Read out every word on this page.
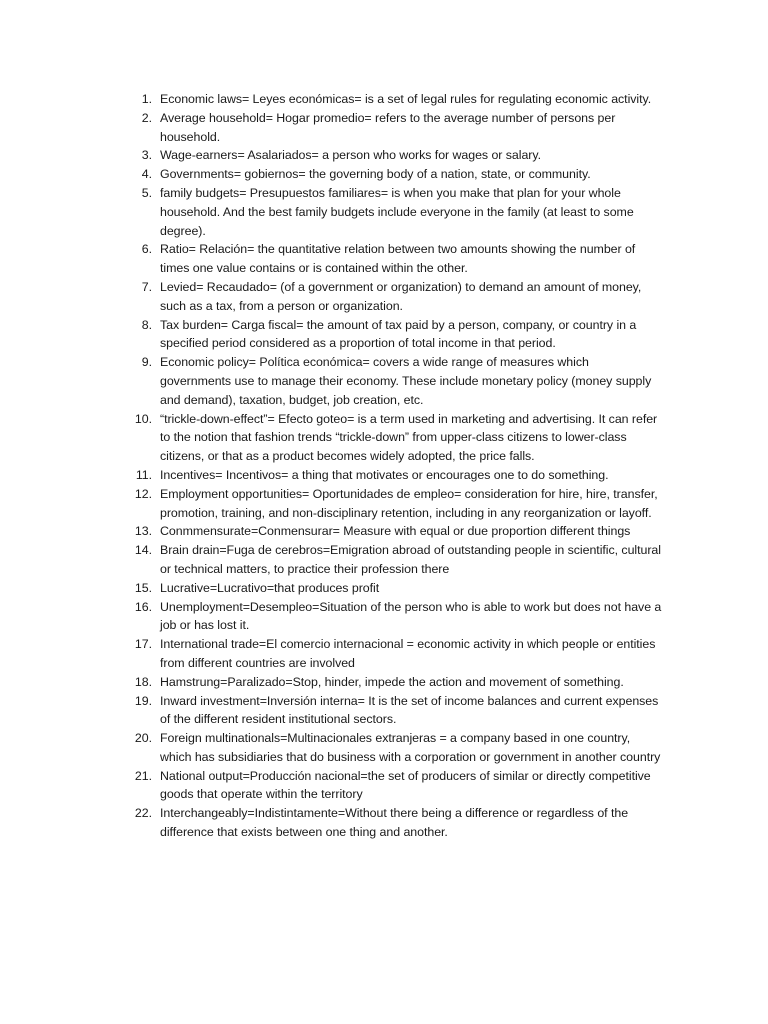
1. Economic laws= Leyes económicas= is a set of legal rules for regulating economic activity.
2. Average household= Hogar promedio= refers to the average number of persons per household.
3. Wage-earners= Asalariados= a person who works for wages or salary.
4. Governments= gobiernos= the governing body of a nation, state, or community.
5. family budgets= Presupuestos familiares= is when you make that plan for your whole household. And the best family budgets include everyone in the family (at least to some degree).
6. Ratio= Relación= the quantitative relation between two amounts showing the number of times one value contains or is contained within the other.
7. Levied= Recaudado= (of a government or organization) to demand an amount of money, such as a tax, from a person or organization.
8. Tax burden= Carga fiscal= the amount of tax paid by a person, company, or country in a specified period considered as a proportion of total income in that period.
9. Economic policy= Política económica= covers a wide range of measures which governments use to manage their economy. These include monetary policy (money supply and demand), taxation, budget, job creation, etc.
10. “trickle-down-effect”= Efecto goteo= is a term used in marketing and advertising. It can refer to the notion that fashion trends “trickle-down” from upper-class citizens to lower-class citizens, or that as a product becomes widely adopted, the price falls.
11. Incentives= Incentivos= a thing that motivates or encourages one to do something.
12. Employment opportunities= Oportunidades de empleo= consideration for hire, hire, transfer, promotion, training, and non-disciplinary retention, including in any reorganization or layoff.
13. Conmmensurate=Conmensurar= Measure with equal or due proportion different things
14. Brain drain=Fuga de cerebros=Emigration abroad of outstanding people in scientific, cultural or technical matters, to practice their profession there
15. Lucrative=Lucrativo=that produces profit
16. Unemployment=Desempleo=Situation of the person who is able to work but does not have a job or has lost it.
17. International trade=El comercio internacional = economic activity in which people or entities from different countries are involved
18. Hamstrung=Paralizado=Stop, hinder, impede the action and movement of something.
19. Inward investment=Inversión interna= It is the set of income balances and current expenses of the different resident institutional sectors.
20. Foreign multinationals=Multinacionales extranjeras = a company based in one country, which has subsidiaries that do business with a corporation or government in another country
21. National output=Producción nacional=the set of producers of similar or directly competitive goods that operate within the territory
22. Interchangeably=Indistintamente=Without there being a difference or regardless of the difference that exists between one thing and another.
